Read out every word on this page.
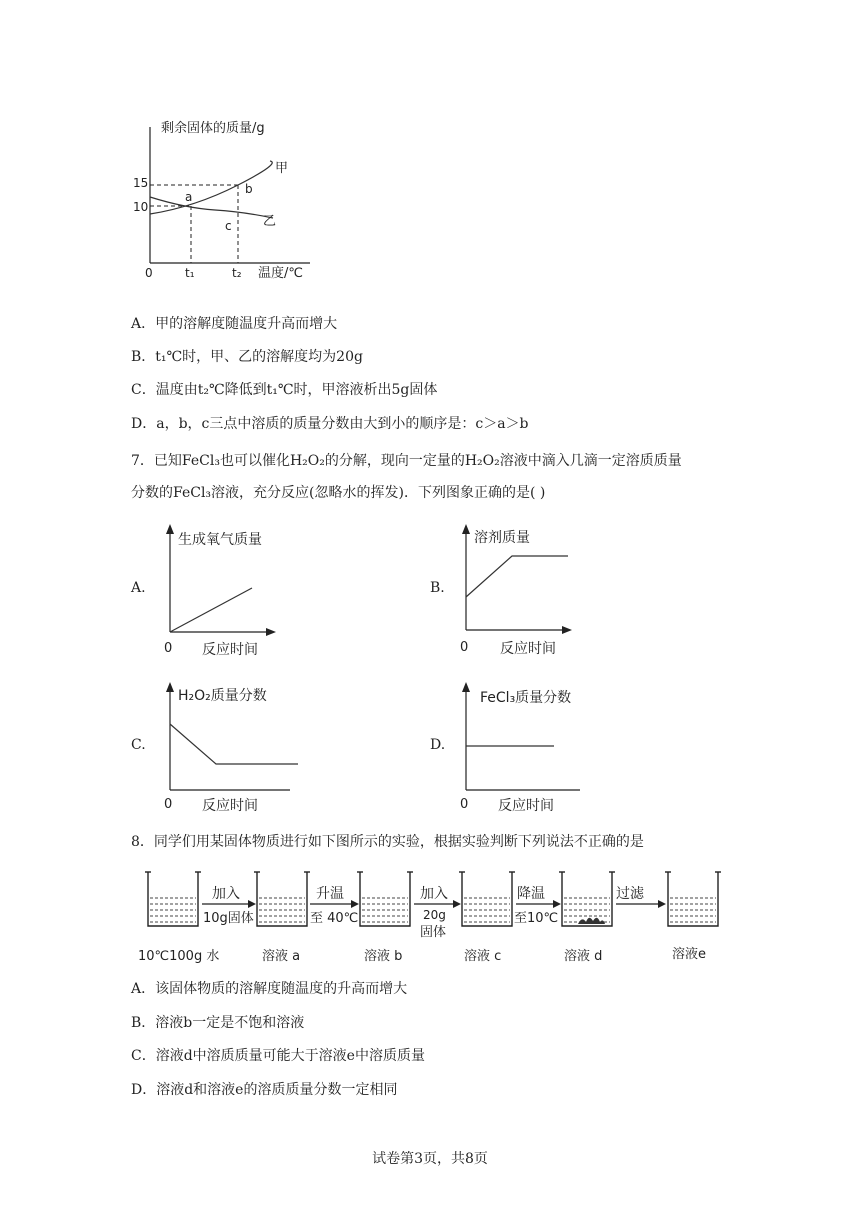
剩余固体的质量/g
温度/℃
0
15
10
t₁	t₂
甲
乙
a
b
c
A．甲的溶解度随温度升高而增大
B．t₁℃时，甲、乙的溶解度均为20g
C．温度由t₂℃降低到t₁℃时，甲溶液析出5g固体
D．a，b，c三点中溶质的质量分数由大到小的顺序是：c＞a＞b
7．已知FeCl₃也可以催化H₂O₂的分解，现向一定量的H₂O₂溶液中滴入几滴一定溶质质量
分数的FeCl₃溶液，充分反应(忽略水的挥发)．下列图象正确的是( )
A.
生成氧气质量
0 反应时间
B.
溶剂质量
0 反应时间
C.
H₂O₂质量分数
0 反应时间
D.
FeCl₃质量分数
0 反应时间
8．同学们用某固体物质进行如下图所示的实验，根据实验判断下列说法不正确的是
加入
10g固体
升温
至 40℃
加入
20g
固体
降温
至10℃
过滤
10℃100g 水	溶液 a	溶液 b	溶液 c	溶液 d	溶液e
A．该固体物质的溶解度随温度的升高而增大
B．溶液b一定是不饱和溶液
C．溶液d中溶质质量可能大于溶液e中溶质质量
D．溶液d和溶液e的溶质质量分数一定相同
试卷第3页，共8页
